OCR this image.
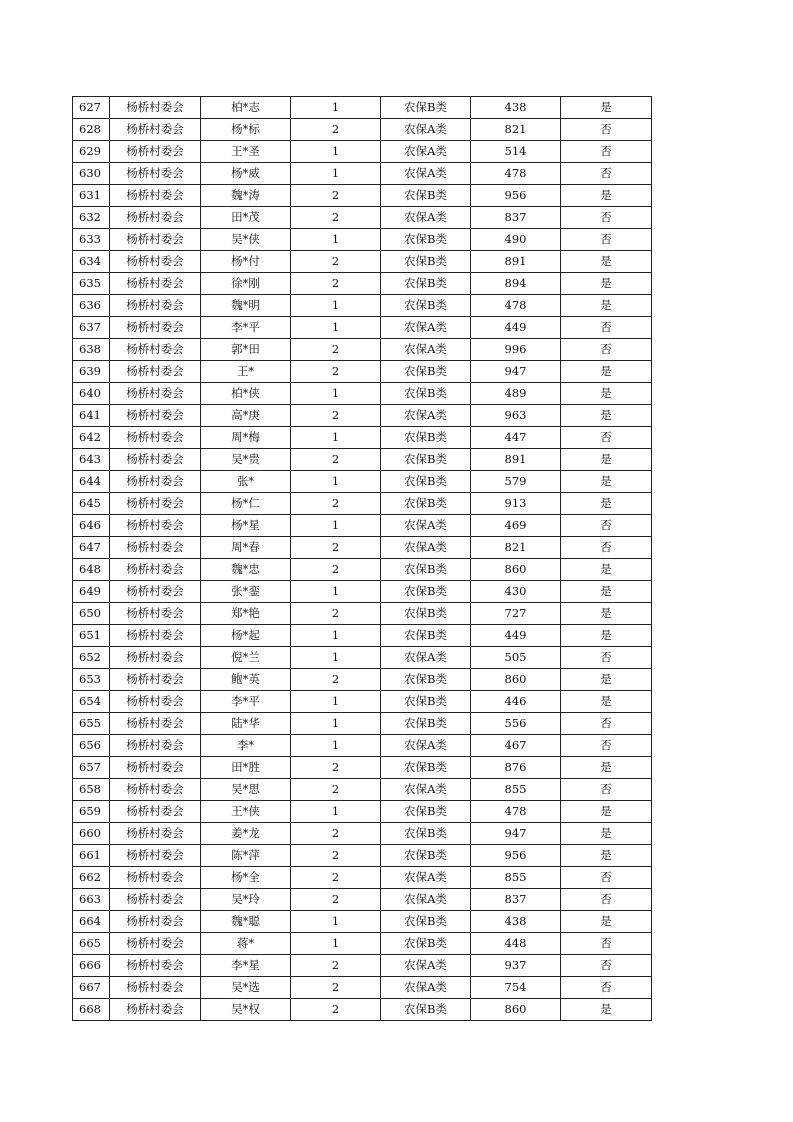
627	杨桥村委会	柏*志	1	农保B类	438	是
628	杨桥村委会	杨*标	2	农保A类	821	否
629	杨桥村委会	王*圣	1	农保A类	514	否
630	杨桥村委会	杨*威	1	农保A类	478	否
631	杨桥村委会	魏*涛	2	农保B类	956	是
632	杨桥村委会	田*茂	2	农保A类	837	否
633	杨桥村委会	吴*侠	1	农保B类	490	否
634	杨桥村委会	杨*付	2	农保B类	891	是
635	杨桥村委会	徐*刚	2	农保B类	894	是
636	杨桥村委会	魏*明	1	农保B类	478	是
637	杨桥村委会	李*平	1	农保A类	449	否
638	杨桥村委会	郭*田	2	农保A类	996	否
639	杨桥村委会	王*	2	农保B类	947	是
640	杨桥村委会	柏*侠	1	农保B类	489	是
641	杨桥村委会	高*庚	2	农保A类	963	是
642	杨桥村委会	周*梅	1	农保B类	447	否
643	杨桥村委会	吴*贵	2	农保B类	891	是
644	杨桥村委会	张*	1	农保B类	579	是
645	杨桥村委会	杨*仁	2	农保B类	913	是
646	杨桥村委会	杨*星	1	农保A类	469	否
647	杨桥村委会	周*春	2	农保A类	821	否
648	杨桥村委会	魏*忠	2	农保B类	860	是
649	杨桥村委会	张*銮	1	农保B类	430	是
650	杨桥村委会	郑*艳	2	农保B类	727	是
651	杨桥村委会	杨*起	1	农保B类	449	是
652	杨桥村委会	倪*兰	1	农保A类	505	否
653	杨桥村委会	鲍*英	2	农保B类	860	是
654	杨桥村委会	李*平	1	农保B类	446	是
655	杨桥村委会	陆*华	1	农保B类	556	否
656	杨桥村委会	李*	1	农保A类	467	否
657	杨桥村委会	田*胜	2	农保B类	876	是
658	杨桥村委会	吴*思	2	农保A类	855	否
659	杨桥村委会	王*侠	1	农保B类	478	是
660	杨桥村委会	姜*龙	2	农保B类	947	是
661	杨桥村委会	陈*萍	2	农保B类	956	是
662	杨桥村委会	杨*全	2	农保A类	855	否
663	杨桥村委会	吴*玲	2	农保A类	837	否
664	杨桥村委会	魏*聪	1	农保B类	438	是
665	杨桥村委会	蒋*	1	农保B类	448	否
666	杨桥村委会	李*星	2	农保A类	937	否
667	杨桥村委会	吴*选	2	农保A类	754	否
668	杨桥村委会	吴*权	2	农保B类	860	是
